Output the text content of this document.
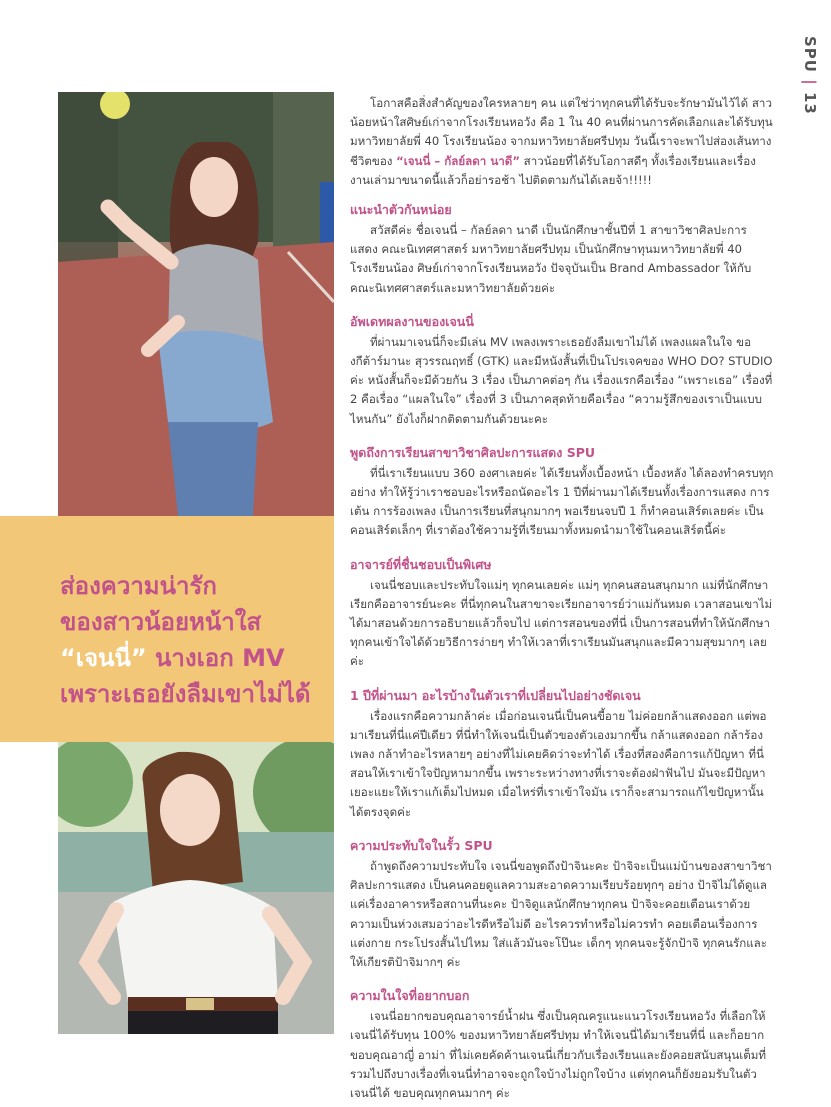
SPU | 13
ส่องความน่ารัก
ของสาวน้อยหน้าใส
“เจนนี่” นางเอก MV
เพราะเธอยังลืมเขาไม่ได้

โอกาสคือสิ่งสำคัญของใครหลายๆ คน แต่ใช่ว่าทุกคนที่ได้รับจะรักษามันไว้ได้ สาวน้อยหน้าใสศิษย์เก่าจากโรงเรียนหอวัง คือ 1 ใน 40 คนที่ผ่านการคัดเลือกและได้รับทุนมหาวิทยาลัยพี่ 40 โรงเรียนน้อง จากมหาวิทยาลัยศรีปทุม วันนี้เราจะพาไปส่องเส้นทางชีวิตของ “เจนนี่ – กัลย์ลดา นาดี” สาวน้อยที่ได้รับโอกาสดีๆ ทั้งเรื่องเรียนและเรื่องงานเล่ามาขนาดนี้แล้วก็อย่ารอช้า ไปติดตามกันได้เลยจ้า!!!!!

แนะนำตัวกันหน่อย

สวัสดีค่ะ ชื่อเจนนี่ – กัลย์ลดา นาดี เป็นนักศึกษาชั้นปีที่ 1 สาขาวิชาศิลปะการแสดง คณะนิเทศศาสตร์ มหาวิทยาลัยศรีปทุม เป็นนักศึกษาทุนมหาวิทยาลัยพี่ 40 โรงเรียนน้อง ศิษย์เก่าจากโรงเรียนหอวัง ปัจจุบันเป็น Brand Ambassador ให้กับคณะนิเทศศาสตร์และมหาวิทยาลัยด้วยค่ะ

อัพเดทผลงานของเจนนี่

ที่ผ่านมาเจนนี่ก็จะมีเล่น MV เพลงเพราะเธอยังลืมเขาไม่ได้ เพลงแผลในใจ ของกีต้าร์มานะ สุวรรณฤทธิ์ (GTK) และมีหนังสั้นที่เป็นโปรเจคของ WHO DO? STUDIO ค่ะ หนังสั้นก็จะมีด้วยกัน 3 เรื่อง เป็นภาคต่อๆ กัน เรื่องแรกคือเรื่อง “เพราะเธอ” เรื่องที่ 2 คือเรื่อง “แผลในใจ” เรื่องที่ 3 เป็นภาคสุดท้ายคือเรื่อง “ความรู้สึกของเราเป็นแบบไหนกัน” ยังไงก็ฝากติดตามกันด้วยนะคะ

พูดถึงการเรียนสาขาวิชาศิลปะการแสดง SPU

ที่นี่เราเรียนแบบ 360 องศาเลยค่ะ ได้เรียนทั้งเบื้องหน้า เบื้องหลัง ได้ลองทำครบทุกอย่าง ทำให้รู้ว่าเราชอบอะไรหรือถนัดอะไร 1 ปีที่ผ่านมาได้เรียนทั้งเรื่องการแสดง การเต้น การร้องเพลง เป็นการเรียนที่สนุกมากๆ พอเรียนจบปี 1 ก็ทำคอนเสิร์ตเลยค่ะ เป็นคอนเสิร์ตเล็กๆ ที่เราต้องใช้ความรู้ที่เรียนมาทั้งหมดนำมาใช้ในคอนเสิร์ตนี้ค่ะ

อาจารย์ที่ชื่นชอบเป็นพิเศษ

เจนนี่ชอบและประทับใจแม่ๆ ทุกคนเลยค่ะ แม่ๆ ทุกคนสอนสนุกมาก แม่ที่นักศึกษาเรียกคืออาจารย์นะคะ ที่นี่ทุกคนในสาขาจะเรียกอาจารย์ว่าแม่กันหมด เวลาสอนเขาไม่ได้มาสอนด้วยการอธิบายแล้วก็จบไป แต่การสอนของที่นี่ เป็นการสอนที่ทำให้นักศึกษาทุกคนเข้าใจได้ด้วยวิธีการง่ายๆ ทำให้เวลาที่เราเรียนมันสนุกและมีความสุขมากๆ เลยค่ะ

1 ปีที่ผ่านมา อะไรบ้างในตัวเราที่เปลี่ยนไปอย่างชัดเจน

เรื่องแรกคือความกล้าค่ะ เมื่อก่อนเจนนี่เป็นคนขี้อาย ไม่ค่อยกล้าแสดงออก แต่พอมาเรียนที่นี่แค่ปีเดียว ที่นี่ทำให้เจนนี่เป็นตัวของตัวเองมากขึ้น กล้าแสดงออก กล้าร้องเพลง กล้าทำอะไรหลายๆ อย่างที่ไม่เคยคิดว่าจะทำได้ เรื่องที่สองคือการแก้ปัญหา ที่นี่สอนให้เราเข้าใจปัญหามากขึ้น เพราะระหว่างทางที่เราจะต้องฝ่าฟันไป มันจะมีปัญหาเยอะแยะให้เราแก้เต็มไปหมด เมื่อไหร่ที่เราเข้าใจมัน เราก็จะสามารถแก้ไขปัญหานั้นได้ตรงจุดค่ะ

ความประทับใจในรั้ว SPU

ถ้าพูดถึงความประทับใจ เจนนี่ขอพูดถึงป้าจินะคะ ป้าจิจะเป็นแม่บ้านของสาขาวิชาศิลปะการแสดง เป็นคนคอยดูแลความสะอาดความเรียบร้อยทุกๆ อย่าง ป้าจิไม่ได้ดูแลแค่เรื่องอาคารหรือสถานที่นะคะ ป้าจิดูแลนักศึกษาทุกคน ป้าจิจะคอยเตือนเราด้วยความเป็นห่วงเสมอว่าอะไรดีหรือไม่ดี อะไรควรทำหรือไม่ควรทำ คอยเตือนเรื่องการแต่งกาย กระโปรงสั้นไปไหม ใส่แล้วมันจะโป๊นะ เด็กๆ ทุกคนจะรู้จักป้าจิ ทุกคนรักและให้เกียรติป้าจิมากๆ ค่ะ

ความในใจที่อยากบอก

เจนนี่อยากขอบคุณอาจารย์น้ำฝน ซึ่งเป็นคุณครูแนะแนวโรงเรียนหอวัง ที่เลือกให้เจนนี่ได้รับทุน 100% ของมหาวิทยาลัยศรีปทุม ทำให้เจนนี่ได้มาเรียนที่นี่ และก็อยากขอบคุณอาญี่ อาม่า ที่ไม่เคยคัดค้านเจนนี่เกี่ยวกับเรื่องเรียนและยังคอยสนับสนุนเต็มที่ รวมไปถึงบางเรื่องที่เจนนี่ทำอาจจะถูกใจบ้างไม่ถูกใจบ้าง แต่ทุกคนก็ยังยอมรับในตัวเจนนี่ได้ ขอบคุณทุกคนมากๆ ค่ะ
